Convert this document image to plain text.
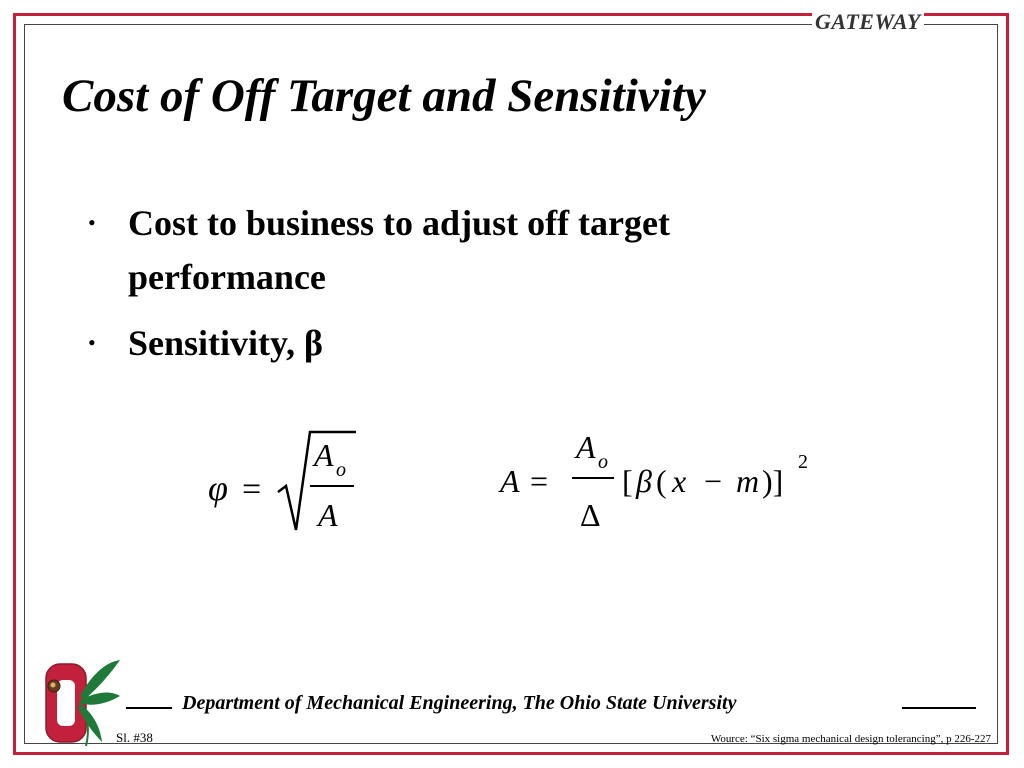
GATEWAY
Cost of Off Target and Sensitivity
• Cost to business to adjust off target performance
• Sensitivity, β
φ =
A o
A
A =
A o
Δ
[ β ( x − m )]
2
Department of Mechanical Engineering, The Ohio State University
Sl. #38	Wource: “Six sigma mechanical design tolerancing”, p 226-227
